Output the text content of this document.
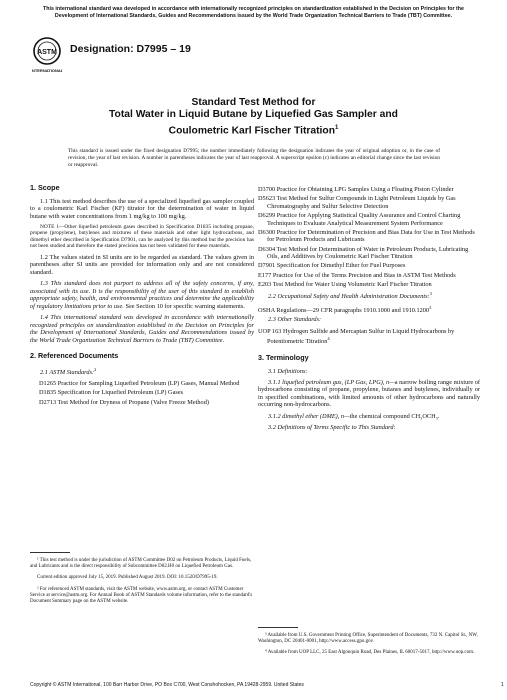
This international standard was developed in accordance with internationally recognized principles on standardization established in the Decision on Principles for the Development of International Standards, Guides and Recommendations issued by the World Trade Organization Technical Barriers to Trade (TBT) Committee.
ASTM
INTERNATIONAL
Designation: D7995 – 19
Standard Test Method for
Total Water in Liquid Butane by Liquefied Gas Sampler and
Coulometric Karl Fischer Titration$^1$
This standard is issued under the fixed designation D7995; the number immediately following the designation indicates the year of original adoption or, in the case of revision, the year of last revision. A number in parentheses indicates the year of last reapproval. A superscript epsilon (ε) indicates an editorial change since the last revision or reapproval.
1. Scope

1.1 This test method describes the use of a specialized liquefied gas sampler coupled to a coulometric Karl Fischer (KF) titrator for the determination of water in liquid butane with water concentrations from 1 mg/kg to 100 mg/kg.

NOTE 1—Other liquefied petroleum gases described in Specification D1835 including propane, propene (propylene), butylenes and mixtures of these materials and other light hydrocarbons, and dimethyl ether described in Specification D7901, can be analyzed by this method but the precision has not been studied and therefore the stated precision has not been validated for these materials.

1.2 The values stated in SI units are to be regarded as standard. The values given in parentheses after SI units are provided for information only and are not considered standard.

1.3 This standard does not purport to address all of the safety concerns, if any, associated with its use. It is the responsibility of the user of this standard to establish appropriate safety, health, and environmental practices and determine the applicability of regulatory limitations prior to use. See Section 10 for specific warning statements.

1.4 This international standard was developed in accordance with internationally recognized principles on standardization established in the Decision on Principles for the Development of International Standards, Guides and Recommendations issued by the World Trade Organization Technical Barriers to Trade (TBT) Committee.

2. Referenced Documents

2.1 ASTM Standards:$^2$

D1265 Practice for Sampling Liquefied Petroleum (LP) Gases, Manual Method

D1835 Specification for Liquefied Petroleum (LP) Gases

D2713 Test Method for Dryness of Propane (Valve Freeze Method)

¹ This test method is under the jurisdiction of ASTM Committee D02 on Petroleum Products, Liquid Fuels, and Lubricants and is the direct responsibility of Subcommittee D02.H0 on Liquefied Petroleum Gas.

Current edition approved July 15, 2019. Published August 2019. DOI: 10.1520/D7995-19.

² For referenced ASTM standards, visit the ASTM website, www.astm.org, or contact ASTM Customer Service at service@astm.org. For Annual Book of ASTM Standards volume information, refer to the standard's Document Summary page on the ASTM website.

D3700 Practice for Obtaining LPG Samples Using a Floating Piston Cylinder

D5623 Test Method for Sulfur Compounds in Light Petroleum Liquids by Gas Chromatography and Sulfur Selective Detection

D6299 Practice for Applying Statistical Quality Assurance and Control Charting Techniques to Evaluate Analytical Measurement System Performance

D6300 Practice for Determination of Precision and Bias Data for Use in Test Methods for Petroleum Products and Lubricants

D6304 Test Method for Determination of Water in Petroleum Products, Lubricating Oils, and Additives by Coulometric Karl Fischer Titration

D7901 Specification for Dimethyl Ether for Fuel Purposes

E177 Practice for Use of the Terms Precision and Bias in ASTM Test Methods

E203 Test Method for Water Using Volumetric Karl Fischer Titration

2.2 Occupational Safety and Health Administration Documents:$^3$

OSHA Regulations—29 CFR paragraphs 1910.1000 and 1910.1200$^3$

2.3 Other Standards:

UOP 163 Hydrogen Sulfide and Mercaptan Sulfur in Liquid Hydrocarbons by Potentiometric Titration$^4$

3. Terminology

3.1 Definitions:

3.1.1 liquefied petroleum gas, (LP Gas, LPG), n—a narrow boiling range mixture of hydrocarbons consisting of propane, propylene, butanes and butylenes, individually or in specified combinations, with limited amounts of other hydrocarbons and naturally occurring non-hydrocarbons.

3.1.2 dimethyl ether (DME), n—the chemical compound CH₃OCH₃.

3.2 Definitions of Terms Specific to This Standard:

³ Available from U.S. Government Printing Office, Superintendent of Documents, 732 N. Capitol St., NW, Washington, DC 20401-0001, http://www.access.gpo.gov.

⁴ Available from UOP LLC, 25 East Algonquin Road, Des Plaines, IL 60017-5017, http://www.uop.com.

Copyright © ASTM International, 100 Barr Harbor Drive, PO Box C700, West Conshohocken, PA 19428-2959. United States	1
